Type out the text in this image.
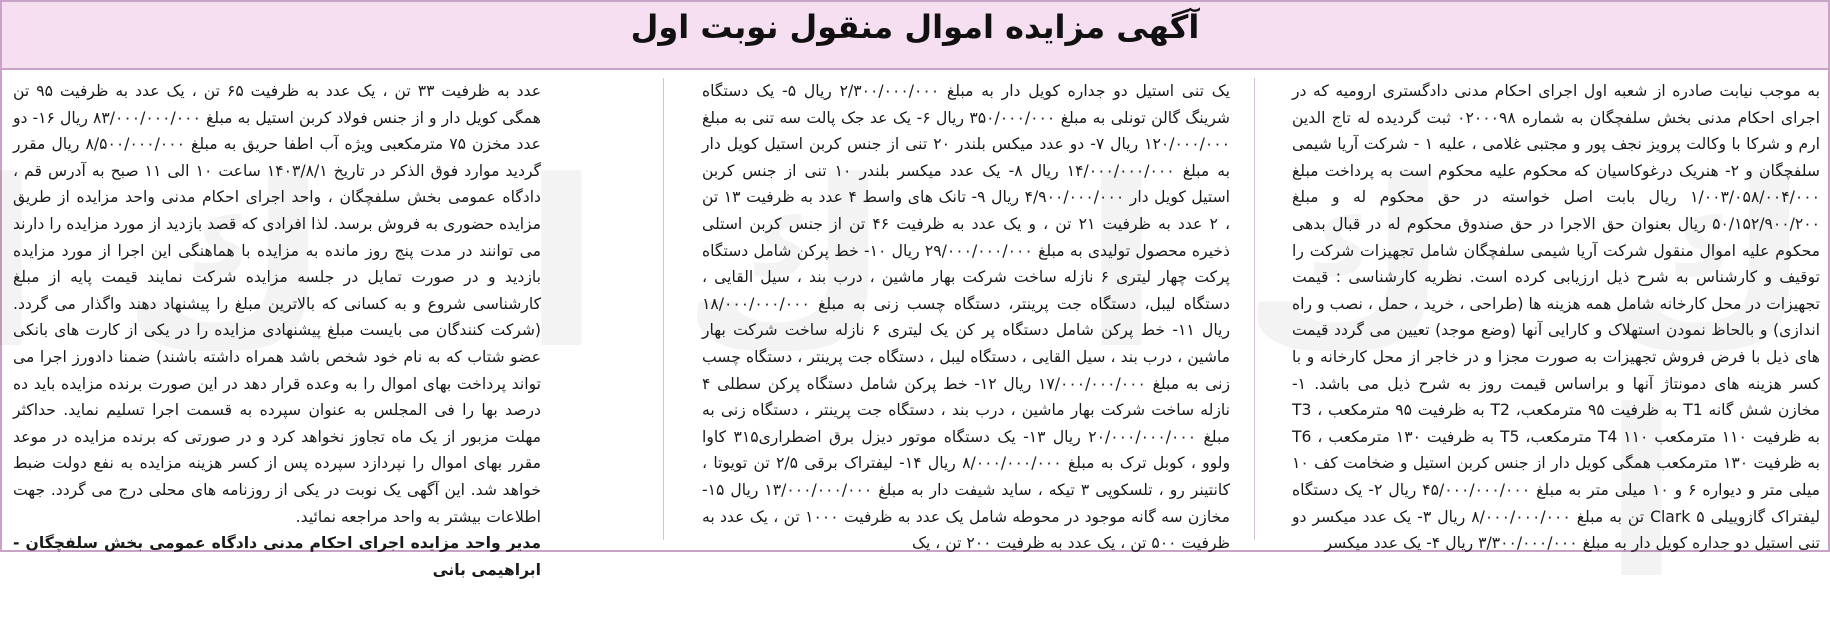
آگهی مزایده اموال منقول نوبت اول

به موجب نیابت صادره از شعبه اول اجرای احکام مدنی دادگستری ارومیه که در اجرای احکام مدنی بخش سلفچگان به شماره ۰۲۰۰۰۹۸ ثبت گردیده له تاج الدین ارم و شرکا با وکالت پرویز نجف پور و مجتبی غلامی ، علیه ۱ - شرکت آریا شیمی سلفچگان و ۲- هنریک درغوکاسیان که محکوم علیه محکوم است به پرداخت مبلغ ۱/۰۰۳/۰۵۸/۰۰۴/۰۰۰ ریال بابت اصل خواسته در حق محکوم له و مبلغ ۵۰/۱۵۲/۹۰۰/۲۰۰ ریال بعنوان حق الاجرا در حق صندوق محکوم له در قبال بدهی محکوم علیه اموال منقول شرکت آریا شیمی سلفچگان شامل تجهیزات شرکت را توقیف و کارشناس به شرح ذیل ارزیابی کرده است. نظریه کارشناسی : قیمت تجهیزات در محل کارخانه شامل همه هزینه ها (طراحی ، خرید ، حمل ، نصب و راه اندازی) و بالحاظ نمودن استهلاک و کارایی آنها (وضع موجد) تعیین می گردد قیمت های ذیل با فرض فروش تجهیزات به صورت مجزا و در خاجر از محل کارخانه و با کسر هزینه های دمونتاژ آنها و براساس قیمت روز به شرح ذیل می باشد. ۱- مخازن شش گانه T1 به ظرفیت ۹۵ مترمکعب، T2 به ظرفیت ۹۵ مترمکعب ، T3 به ظرفیت ۱۱۰ مترمکعب T4 ۱۱۰ مترمکعب، T5 به ظرفیت ۱۳۰ مترمکعب ، T6 به ظرفیت ۱۳۰ مترمکعب همگی کویل دار از جنس کربن استیل و ضخامت کف ۱۰ میلی متر و دیواره ۶ و ۱۰ میلی متر به مبلغ ۴۵/۰۰۰/۰۰۰/۰۰۰ ریال ۲- یک دستگاه لیفتراک گازوییلی Clark ۵ تن به مبلغ ۸/۰۰۰/۰۰۰/۰۰۰ ریال ۳- یک عدد میکسر دو تنی استیل دو جداره کویل دار به مبلغ ۳/۳۰۰/۰۰۰/۰۰۰ ریال ۴- یک عدد میکسر

یک تنی استیل دو جداره کویل دار به مبلغ ۲/۳۰۰/۰۰۰/۰۰۰ ریال ۵- یک دستگاه شرینگ گالن تونلی به مبلغ ۳۵۰/۰۰۰/۰۰۰ ریال ۶- یک عد جک پالت سه تنی به مبلغ ۱۲۰/۰۰۰/۰۰۰ ریال ۷- دو عدد میکس بلندر ۲۰ تنی از جنس کربن استیل کویل دار به مبلغ ۱۴/۰۰۰/۰۰۰/۰۰۰ ریال ۸- یک عدد میکسر بلندر ۱۰ تنی از جنس کربن استیل کویل دار ۴/۹۰۰/۰۰۰/۰۰۰ ریال ۹- تانک های واسط ۴ عدد به ظرفیت ۱۳ تن ، ۲ عدد به ظرفیت ۲۱ تن ، و یک عدد به ظرفیت ۴۶ تن از جنس کربن استلی ذخیره محصول تولیدی به مبلغ ۲۹/۰۰۰/۰۰۰/۰۰۰ ریال ۱۰- خط پرکن شامل دستگاه پرکت چهار لیتری ۶ نازله ساخت شرکت بهار ماشین ، درب بند ، سیل القایی ، دستگاه لیبل، دستگاه جت پرینتر، دستگاه چسب زنی به مبلغ ۱۸/۰۰۰/۰۰۰/۰۰۰ ریال ۱۱- خط پرکن شامل دستگاه پر کن یک لیتری ۶ نازله ساخت شرکت بهار ماشین ، درب بند ، سیل القایی ، دستگاه لیبل ، دستگاه جت پرینتر ، دستگاه چسب زنی به مبلغ ۱۷/۰۰۰/۰۰۰/۰۰۰ ریال ۱۲- خط پرکن شامل دستگاه پرکن سطلی ۴ نازله ساخت شرکت بهار ماشین ، درب بند ، دستگاه جت پرینتر ، دستگاه زنی به مبلغ ۲۰/۰۰۰/۰۰۰/۰۰۰ ریال ۱۳- یک دستگاه موتور دیزل برق اضطراری۳۱۵ کاوا ولوو ، کوبل ترک به مبلغ ۸/۰۰۰/۰۰۰/۰۰۰ ریال ۱۴- لیفتراک برقی ۲/۵ تن تویوتا ، کانتینر رو ، تلسکوپی ۳ تیکه ، ساید شیفت دار به مبلغ ۱۳/۰۰۰/۰۰۰/۰۰۰ ریال ۱۵- مخازن سه گانه موجود در محوطه شامل یک عدد به ظرفیت ۱۰۰۰ تن ، یک عدد به ظرفیت ۵۰۰ تن ، یک عدد به ظرفیت ۲۰۰ تن ، یک

عدد به ظرفیت ۳۳ تن ، یک عدد به ظرفیت ۶۵ تن ، یک عدد به ظرفیت ۹۵ تن همگی کویل دار و از جنس فولاد کربن استیل به مبلغ ۸۳/۰۰۰/۰۰۰/۰۰۰ ریال ۱۶- دو عدد مخزن ۷۵ مترمکعبی ویژه آب اطفا حریق به مبلغ ۸/۵۰۰/۰۰۰/۰۰۰ ریال مقرر گردید موارد فوق الذکر در تاریخ ۱۴۰۳/۸/۱ ساعت ۱۰ الی ۱۱ صبح به آدرس قم ، دادگاه عمومی بخش سلفچگان ، واحد اجرای احکام مدنی واحد مزایده از طریق مزایده حضوری به فروش برسد. لذا افرادی که قصد بازدید از مورد مزایده را دارند می توانند در مدت پنج روز مانده به مزایده با هماهنگی این اجرا از مورد مزایده بازدید و در صورت تمایل در جلسه مزایده شرکت نمایند قیمت پایه از مبلغ کارشناسی شروع و به کسانی که بالاترین مبلغ را پیشنهاد دهند واگذار می گردد. (شرکت کنندگان می بایست مبلغ پیشنهادی مزایده را در یکی از کارت های بانکی عضو شتاب که به نام خود شخص باشد همراه داشته باشند) ضمنا دادورز اجرا می تواند پرداخت بهای اموال را به وعده قرار دهد در این صورت برنده مزایده باید ده درصد بها را فی المجلس به عنوان سپرده به قسمت اجرا تسلیم نماید. حداکثر مهلت مزبور از یک ماه تجاوز نخواهد کرد و در صورتی که برنده مزایده در موعد مقرر بهای اموال را نپردازد سپرده پس از کسر هزینه مزایده به نفع دولت ضبط خواهد شد. این آگهی یک نوبت در یکی از روزنامه های محلی درج می گردد. جهت اطلاعات بیشتر به واحد مراجعه نمائید.

مدیر واحد مزایده اجرای احکام مدنی دادگاه عمومی بخش سلفچگان - ابراهیمی بانی
